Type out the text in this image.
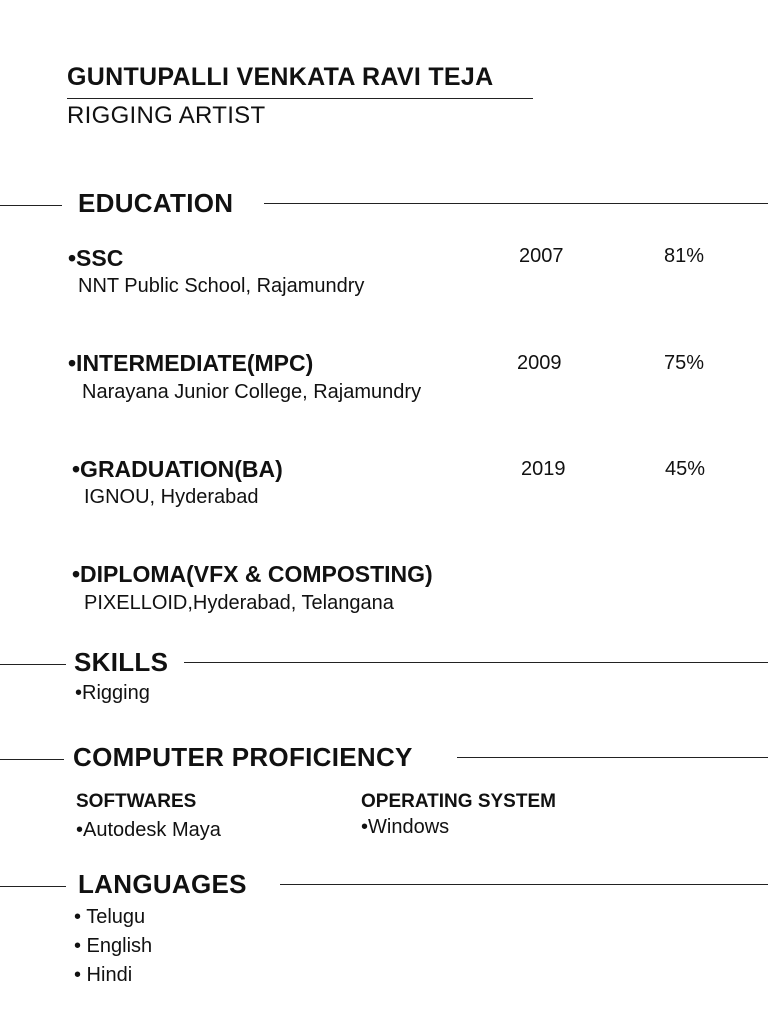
GUNTUPALLI VENKATA RAVI TEJA
RIGGING ARTIST
EDUCATION
•SSC	2007	81%
NNT Public School, Rajamundry
•INTERMEDIATE(MPC)	2009	75%
Narayana Junior College, Rajamundry
•GRADUATION(BA)	2019	45%
IGNOU, Hyderabad
•DIPLOMA(VFX & COMPOSTING)
PIXELLOID,Hyderabad, Telangana
SKILLS
•Rigging
COMPUTER PROFICIENCY
SOFTWARES
•Autodesk Maya
OPERATING SYSTEM
•Windows
LANGUAGES
• Telugu
• English
• Hindi
